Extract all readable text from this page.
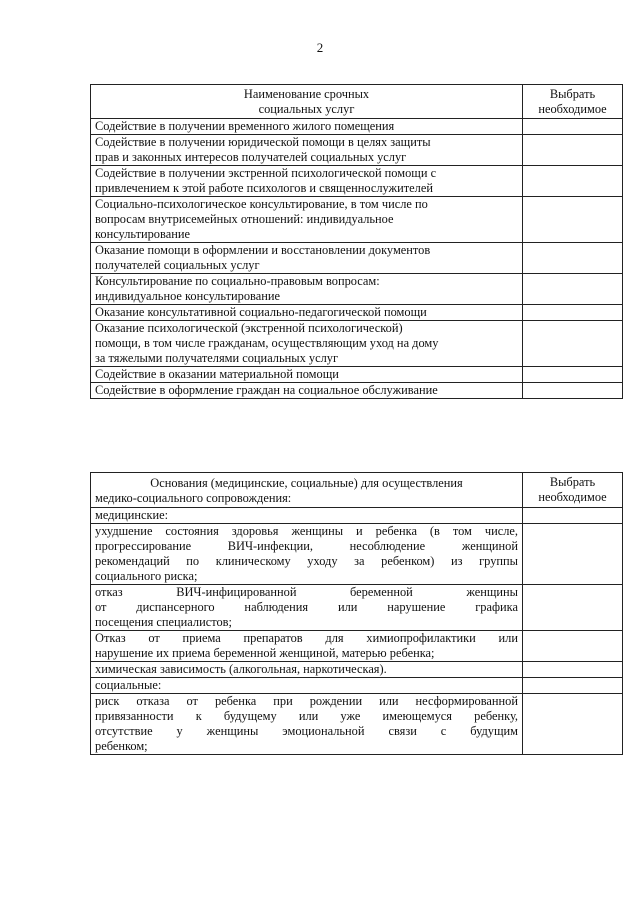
2
Наименование срочных
социальных услуг	Выбрать
необходимое

Содействие в получении временного жилого помещения	

Содействие в получении юридической помощи в целях защиты
прав и законных интересов получателей социальных услуг	

Содействие в получении экстренной психологической помощи с
привлечением к этой работе психологов и священнослужителей	

Социально-психологическое консультирование, в том числе по
вопросам внутрисемейных отношений: индивидуальное
консультирование	

Оказание помощи в оформлении и восстановлении документов
получателей социальных услуг	

Консультирование по социально-правовым вопросам:
индивидуальное консультирование	

Оказание консультативной социально-педагогической помощи	

Оказание психологической (экстренной психологической)
помощи, в том числе гражданам, осуществляющим уход на дому
за тяжелыми получателями социальных услуг	

Содействие в оказании материальной помощи	

Содействие в оформление граждан на социальное обслуживание	

Основания (медицинские, социальные) для осуществления
медико-социального сопровождения:	Выбрать
необходимое

медицинские:	

ухудшение состояния здоровья женщины и ребенка (в том числе,
прогрессирование ВИЧ-инфекции, несоблюдение женщиной
рекомендаций по клиническому уходу за ребенком) из группы
социального риска;	

отказ ВИЧ-инфицированной беременной женщины
от диспансерного наблюдения или нарушение графика
посещения специалистов;	

Отказ от приема препаратов для химиопрофилактики или
нарушение их приема беременной женщиной, матерью ребенка;	

химическая зависимость (алкогольная, наркотическая).	

социальные:	

риск отказа от ребенка при рождении или несформированной
привязанности к будущему или уже имеющемуся ребенку,
отсутствие у женщины эмоциональной связи с будущим
ребенком;	
